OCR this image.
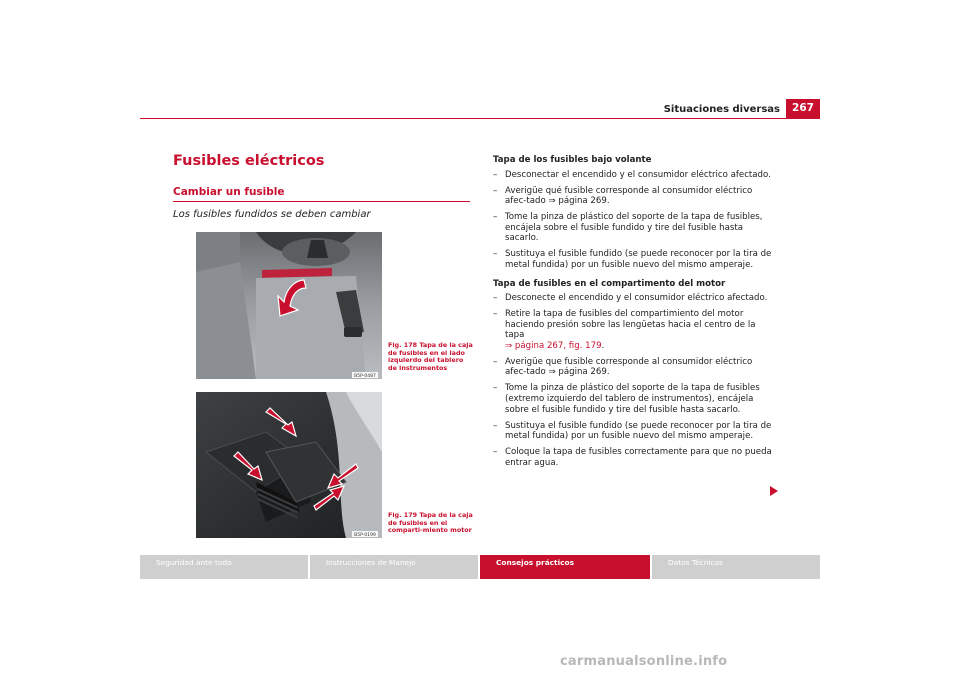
Situaciones diversas	267
Fusibles eléctricos
Cambiar un fusible
Los fusibles fundidos se deben cambiar
B5P-0487
Fig. 178 Tapa de la caja de fusibles en el lado izquierdo del tablero de instrumentos
B5P-0199
Fig. 179 Tapa de la caja de fusibles en el comparti-miento motor
Tapa de los fusibles bajo volante
– Desconectar el encendido y el consumidor eléctrico afectado.
– Averigüe qué fusible corresponde al consumidor eléctrico afec-tado ⇒ página 269.
– Tome la pinza de plástico del soporte de la tapa de fusibles, encájela sobre el fusible fundido y tire del fusible hasta sacarlo.
– Sustituya el fusible fundido (se puede reconocer por la tira de metal fundida) por un fusible nuevo del mismo amperaje.
Tapa de fusibles en el compartimento del motor
– Desconecte el encendido y el consumidor eléctrico afectado.
– Retire la tapa de fusibles del compartimiento del motor haciendo presión sobre las lengüetas hacia el centro de la tapa
⇒ página 267, fig. 179.
– Averigüe que fusible corresponde al consumidor eléctrico afec-tado ⇒ página 269.
– Tome la pinza de plástico del soporte de la tapa de fusibles (extremo izquierdo del tablero de instrumentos), encájela sobre el fusible fundido y tire del fusible hasta sacarlo.
– Sustituya el fusible fundido (se puede reconocer por la tira de metal fundida) por un fusible nuevo del mismo amperaje.
– Coloque la tapa de fusibles correctamente para que no pueda entrar agua.
Seguridad ante todo	Instrucciones de Manejo	Consejos prácticos	Datos Técnicos
carmanualsonline.info
